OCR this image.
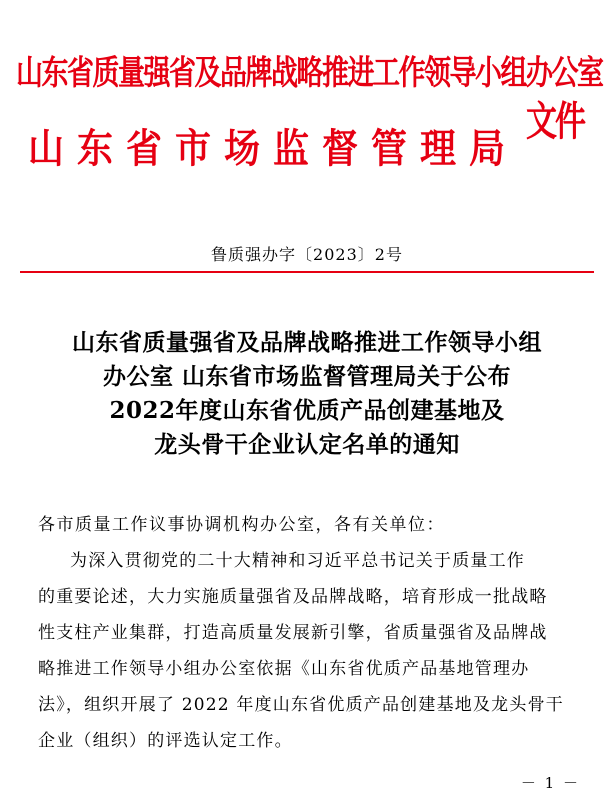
山东省质量强省及品牌战略推进工作领导小组办公室
山东省市场监督管理局
文件
鲁质强办字〔2023〕2号
山东省质量强省及品牌战略推进工作领导小组
办公室 山东省市场监督管理局关于公布
2022年度山东省优质产品创建基地及
龙头骨干企业认定名单的通知
各市质量工作议事协调机构办公室，各有关单位：
为深入贯彻党的二十大精神和习近平总书记关于质量工作
的重要论述，大力实施质量强省及品牌战略，培育形成一批战略
性支柱产业集群，打造高质量发展新引擎，省质量强省及品牌战
略推进工作领导小组办公室依据《山东省优质产品基地管理办
法》，组织开展了 2022 年度山东省优质产品创建基地及龙头骨干
企业（组织）的评选认定工作。
－ 1 －
